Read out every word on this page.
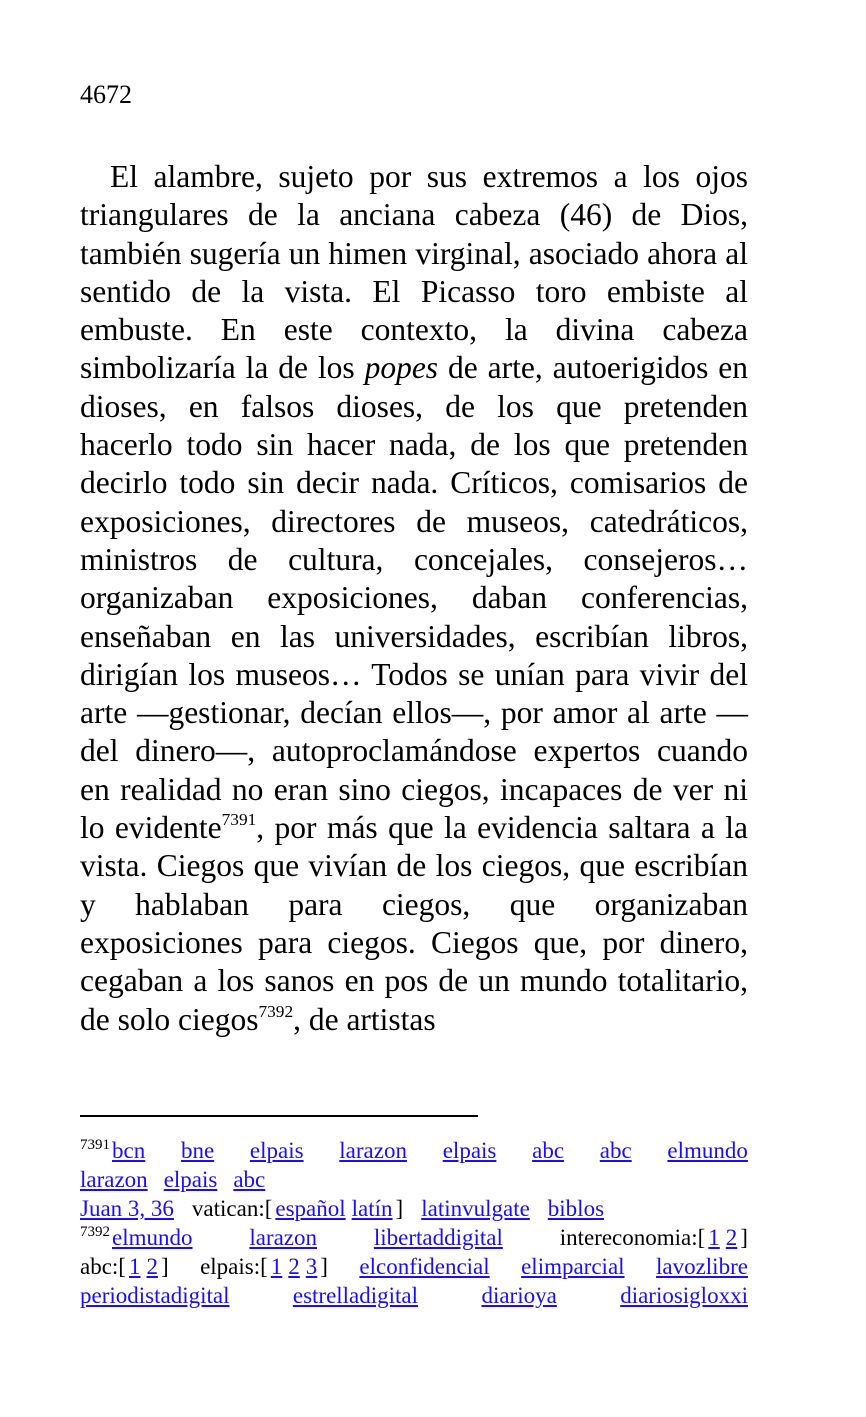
4672

El alambre, sujeto por sus extremos a los ojos triangulares de la anciana cabeza (46) de Dios, también sugería un himen virginal, asociado ahora al sentido de la vista. El Picasso toro embiste al embuste. En este contexto, la divina cabeza simbolizaría la de los popes de arte, autoerigidos en dioses, en falsos dioses, de los que pretenden hacerlo todo sin hacer nada, de los que pretenden decirlo todo sin decir nada. Críticos, comisarios de exposiciones, directores de museos, catedráticos, ministros de cultura, concejales, consejeros… organizaban exposiciones, daban conferencias, enseñaban en las universidades, escribían libros, dirigían los museos… Todos se unían para vivir del arte —gestionar, decían ellos—, por amor al arte —del dinero—, autoproclamándose expertos cuando en realidad no eran sino ciegos, incapaces de ver ni lo evidente$^{7391}$, por más que la evidencia saltara a la vista. Ciegos que vivían de los ciegos, que escribían y hablaban para ciegos, que organizaban exposiciones para ciegos. Ciegos que, por dinero, cegaban a los sanos en pos de un mundo totalitario, de solo ciegos$^{7392}$, de artistas

$^{7391}$bcn bne elpais larazon elpais abc abc elmundo
larazon elpais abc
Juan 3, 36 vatican:[ español latín ] latinvulgate biblos
$^{7392}$elmundo larazon libertaddigital intereconomia:[ 1 2 ]
abc:[ 1 2 ] elpais:[ 1 2 3 ] elconfidencial elimparcial lavozlibre
periodistadigital	estrelladigital	diarioya	diariosigloxxi
